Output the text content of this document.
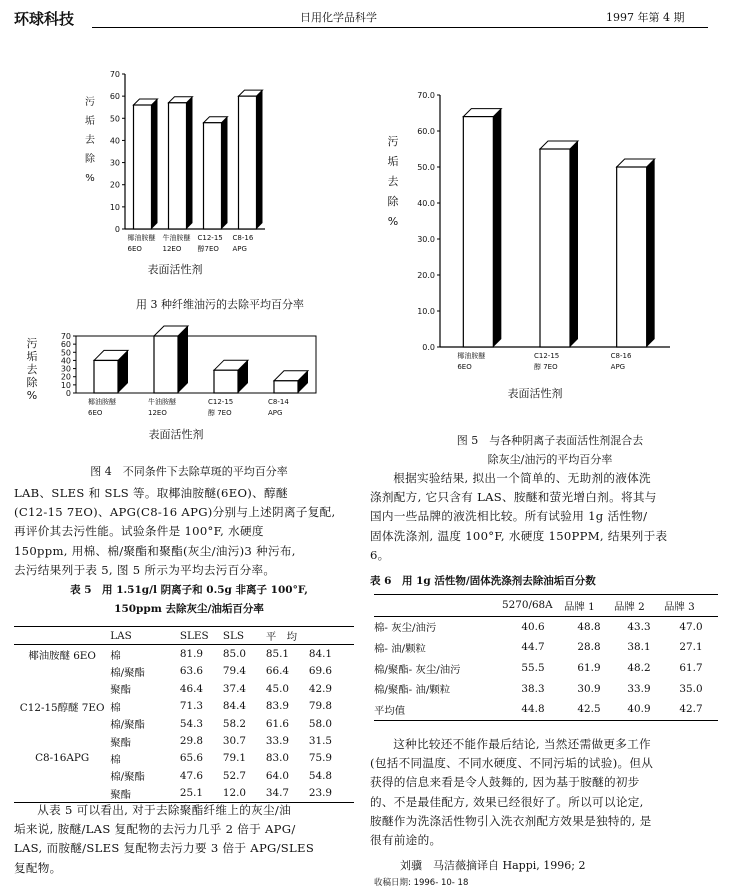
环球科技	日用化学品科学	1997 年第 4 期
0
10
20
30
40
50
60
70
椰油胺醚
6EO
牛油胺醚
12EO
C12-15
醇7EO
C8-16
APG
污
垢
去
除
%
表面活性剂
用 3 种纤维油污的去除平均百分率
0
10
20
30
40
50
60
70
椰油胺醚
6EO
牛油胺醚
12EO
C12-15
醇 7EO
C8-14
APG
污
垢
去
除
%
表面活性剂
0.0
10.0
20.0
30.0
40.0
50.0
60.0
70.0
椰油胺醚
6EO
C12-15
醇 7EO
C8-16
APG
污
垢
去
除
%
表面活性剂
图 5　与各种阴离子表面活性剂混合去
除灰尘/油污的平均百分率
图 4　不同条件下去除草斑的平均百分率

LAB、SLES 和 SLS 等。取椰油胺醚(6EO)、醇醚

(C12-15 7EO)、APG(C8-16 APG)分别与上述阴离子复配,

再评价其去污性能。试验条件是 100°F, 水硬度

150ppm, 用棉、棉/聚酯和聚酯(灰尘/油污)3 种污布,

去污结果列于表 5, 图 5 所示为平均去污百分率。

表 5　用 1.51g/l 阴离子和 0.5g 非离子 100°F,
150ppm 去除灰尘/油垢百分率
	LAS	SLES	SLS	平　均	
椰油胺醚 6EO	棉	81.9	85.0	85.1	84.1
	棉/聚酯	63.6	79.4	66.4	69.6
	聚酯	46.4	37.4	45.0	42.9
C12-15醇醚 7EO	棉	71.3	84.4	83.9	79.8
	棉/聚酯	54.3	58.2	61.6	58.0
	聚酯	29.8	30.7	33.9	31.5
C8-16APG	棉	65.6	79.1	83.0	75.9
	棉/聚酯	47.6	52.7	64.0	54.8
	聚酯	25.1	12.0	34.7	23.9

从表 5 可以看出, 对于去除聚酯纤维上的灰尘/油

垢来说, 胺醚/LAS 复配物的去污力几乎 2 倍于 APG/

LAS, 而胺醚/SLES 复配物去污力要 3 倍于 APG/SLES

复配物。

根据实验结果, 拟出一个简单的、无助剂的液体洗

涤剂配方, 它只含有 LAS、胺醚和萤光增白剂。将其与

国内一些品牌的液洗相比较。所有试验用 1g 活性物/

固体洗涤剂, 温度 100°F, 水硬度 150PPM, 结果列于表

6。

表 6　用 1g 活性物/固体洗涤剂去除油垢百分数
	5270/68A	品牌 1	品牌 2	品牌 3
棉- 灰尘/油污	40.6	48.8	43.3	47.0
棉- 油/颗粒	44.7	28.8	38.1	27.1
棉/聚酯- 灰尘/油污	55.5	61.9	48.2	61.7
棉/聚酯- 油/颗粒	38.3	30.9	33.9	35.0
平均值	44.8	42.5	40.9	42.7

这种比较还不能作最后结论, 当然还需做更多工作

(包括不同温度、不同水硬度、不同污垢的试验)。但从

获得的信息来看是令人鼓舞的, 因为基于胺醚的初步

的、不是最佳配方, 效果已经很好了。所以可以论定,

胺醚作为洗涤活性物引入洗衣剂配方效果是独特的, 是

很有前途的。

刘骥　马洁薇摘译自 Happi, 1996; 2
收稿日期: 1996- 10- 18
